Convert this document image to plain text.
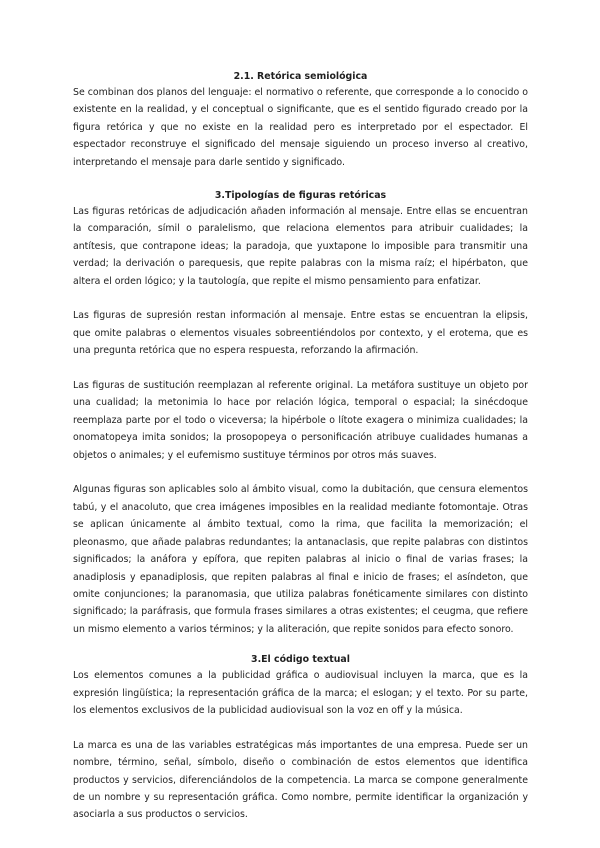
2.1. Retórica semiológica

Se combinan dos planos del lenguaje: el normativo o referente, que corresponde a lo conocido o existente en la realidad, y el conceptual o significante, que es el sentido figurado creado por la figura retórica y que no existe en la realidad pero es interpretado por el espectador. El espectador reconstruye el significado del mensaje siguiendo un proceso inverso al creativo, interpretando el mensaje para darle sentido y significado.

3.Tipologías de figuras retóricas

Las figuras retóricas de adjudicación añaden información al mensaje. Entre ellas se encuentran la comparación, símil o paralelismo, que relaciona elementos para atribuir cualidades; la antítesis, que contrapone ideas; la paradoja, que yuxtapone lo imposible para transmitir una verdad; la derivación o parequesis, que repite palabras con la misma raíz; el hipérbaton, que altera el orden lógico; y la tautología, que repite el mismo pensamiento para enfatizar.

Las figuras de supresión restan información al mensaje. Entre estas se encuentran la elipsis, que omite palabras o elementos visuales sobreentiéndolos por contexto, y el erotema, que es una pregunta retórica que no espera respuesta, reforzando la afirmación.

Las figuras de sustitución reemplazan al referente original. La metáfora sustituye un objeto por una cualidad; la metonimia lo hace por relación lógica, temporal o espacial; la sinécdoque reemplaza parte por el todo o viceversa; la hipérbole o lítote exagera o minimiza cualidades; la onomatopeya imita sonidos; la prosopopeya o personificación atribuye cualidades humanas a objetos o animales; y el eufemismo sustituye términos por otros más suaves.

Algunas figuras son aplicables solo al ámbito visual, como la dubitación, que censura elementos tabú, y el anacoluto, que crea imágenes imposibles en la realidad mediante fotomontaje. Otras se aplican únicamente al ámbito textual, como la rima, que facilita la memorización; el pleonasmo, que añade palabras redundantes; la antanaclasis, que repite palabras con distintos significados; la anáfora y epífora, que repiten palabras al inicio o final de varias frases; la anadiplosis y epanadiplosis, que repiten palabras al final e inicio de frases; el asíndeton, que omite conjunciones; la paranomasia, que utiliza palabras fonéticamente similares con distinto significado; la paráfrasis, que formula frases similares a otras existentes; el ceugma, que refiere un mismo elemento a varios términos; y la aliteración, que repite sonidos para efecto sonoro.

3.El código textual

Los elementos comunes a la publicidad gráfica o audiovisual incluyen la marca, que es la expresión lingüística; la representación gráfica de la marca; el eslogan; y el texto. Por su parte, los elementos exclusivos de la publicidad audiovisual son la voz en off y la música.

La marca es una de las variables estratégicas más importantes de una empresa. Puede ser un nombre, término, señal, símbolo, diseño o combinación de estos elementos que identifica productos y servicios, diferenciándolos de la competencia. La marca se compone generalmente de un nombre y su representación gráfica. Como nombre, permite identificar la organización y asociarla a sus productos o servicios.
